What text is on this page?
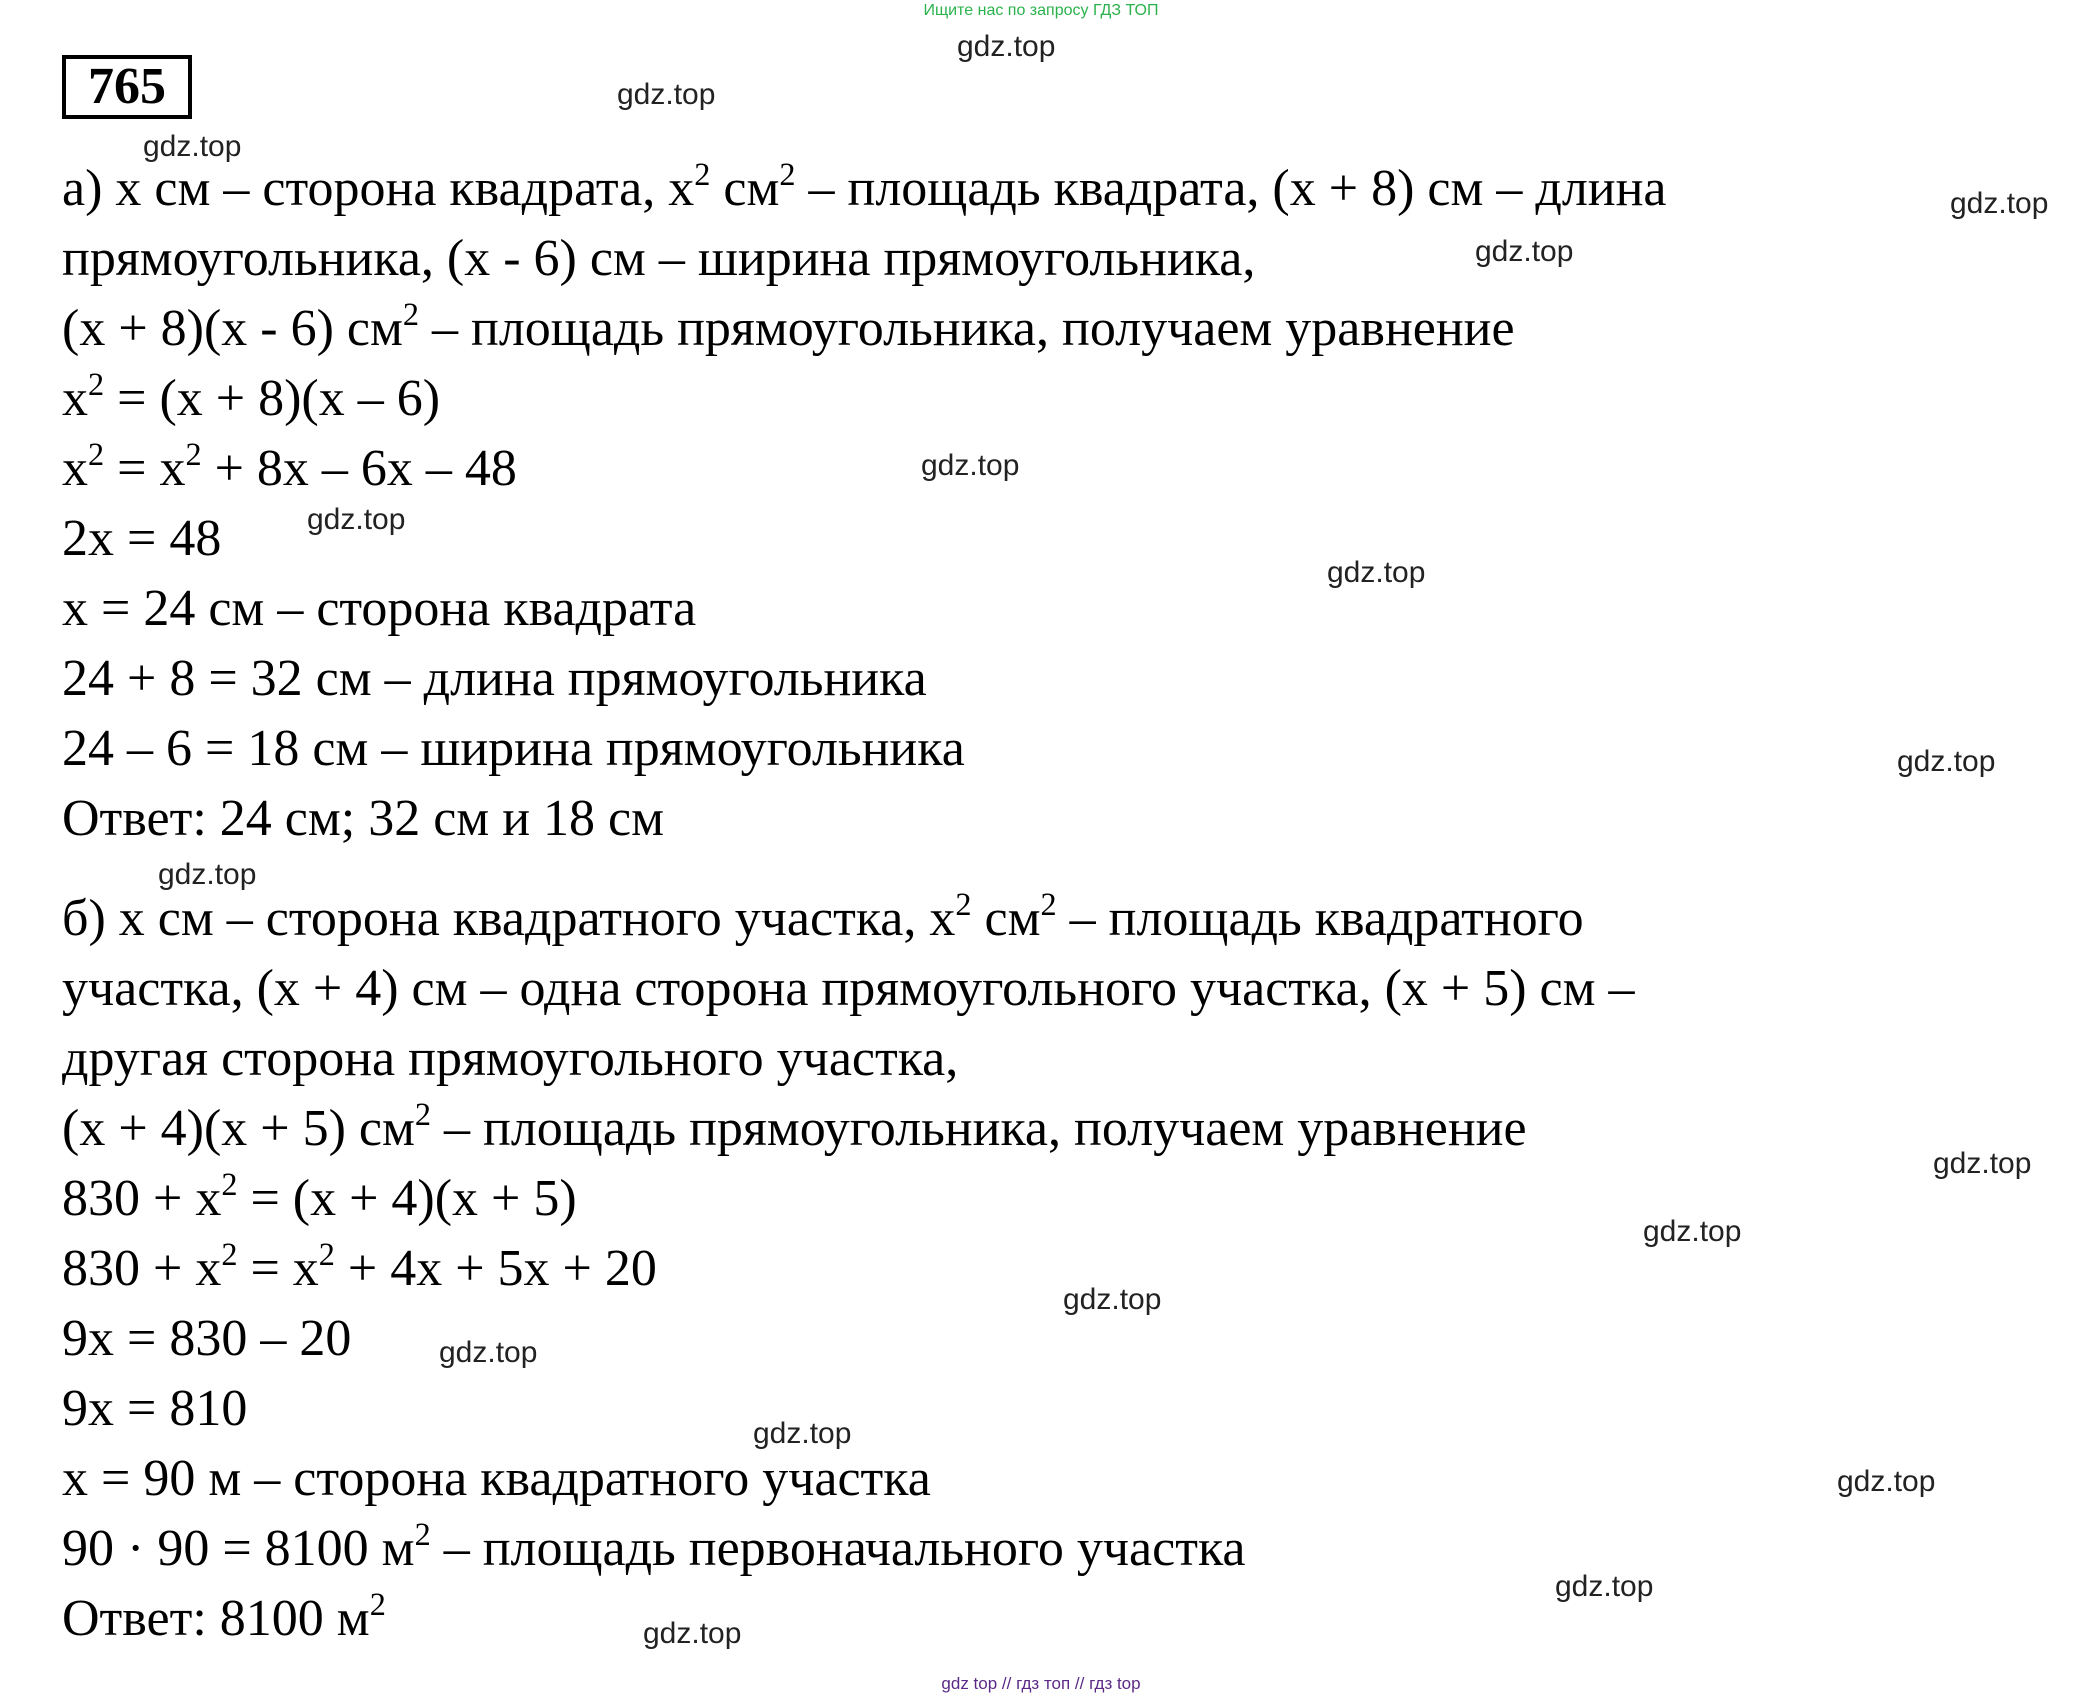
Ищите нас по запросу ГДЗ ТОП
765

а) x см – сторона квадрата, $x^2$ $см^2$ – площадь квадрата, (x + 8) см – длина

прямоугольника, (x - 6) см – ширина прямоугольника,

(x + 8)(x - 6) $см^2$ – площадь прямоугольника, получаем уравнение

$x^2 = (x + 8)(x - 6)$

$x^2 = x^2 + 8x - 6x - 48$

2x = 48

x = 24 см – сторона квадрата

24 + 8 = 32 см – длина прямоугольника

24 – 6 = 18 см – ширина прямоугольника

Ответ: 24 см; 32 см и 18 см

б) x см – сторона квадратного участка, $x^2$ $см^2$ – площадь квадратного

участка, (x + 4) см – одна сторона прямоугольного участка, (x + 5) см –

другая сторона прямоугольного участка,

(x + 4)(x + 5) $см^2$ – площадь прямоугольника, получаем уравнение

$830 + x^2 = (x + 4)(x + 5)$

$830 + x^2 = x^2 + 4x + 5x + 20$

9x = 830 – 20

9x = 810

x = 90 м – сторона квадратного участка

90 · 90 = 8100 $м^2$ – площадь первоначального участка

Ответ: 8100 $м^2$

gdz.top
gdz.top
gdz.top
gdz.top
gdz.top
gdz.top
gdz.top
gdz.top
gdz.top
gdz.top
gdz.top
gdz.top
gdz.top
gdz.top
gdz.top
gdz.top
gdz.top
gdz.top
gdz top // гдз топ // гдз top
